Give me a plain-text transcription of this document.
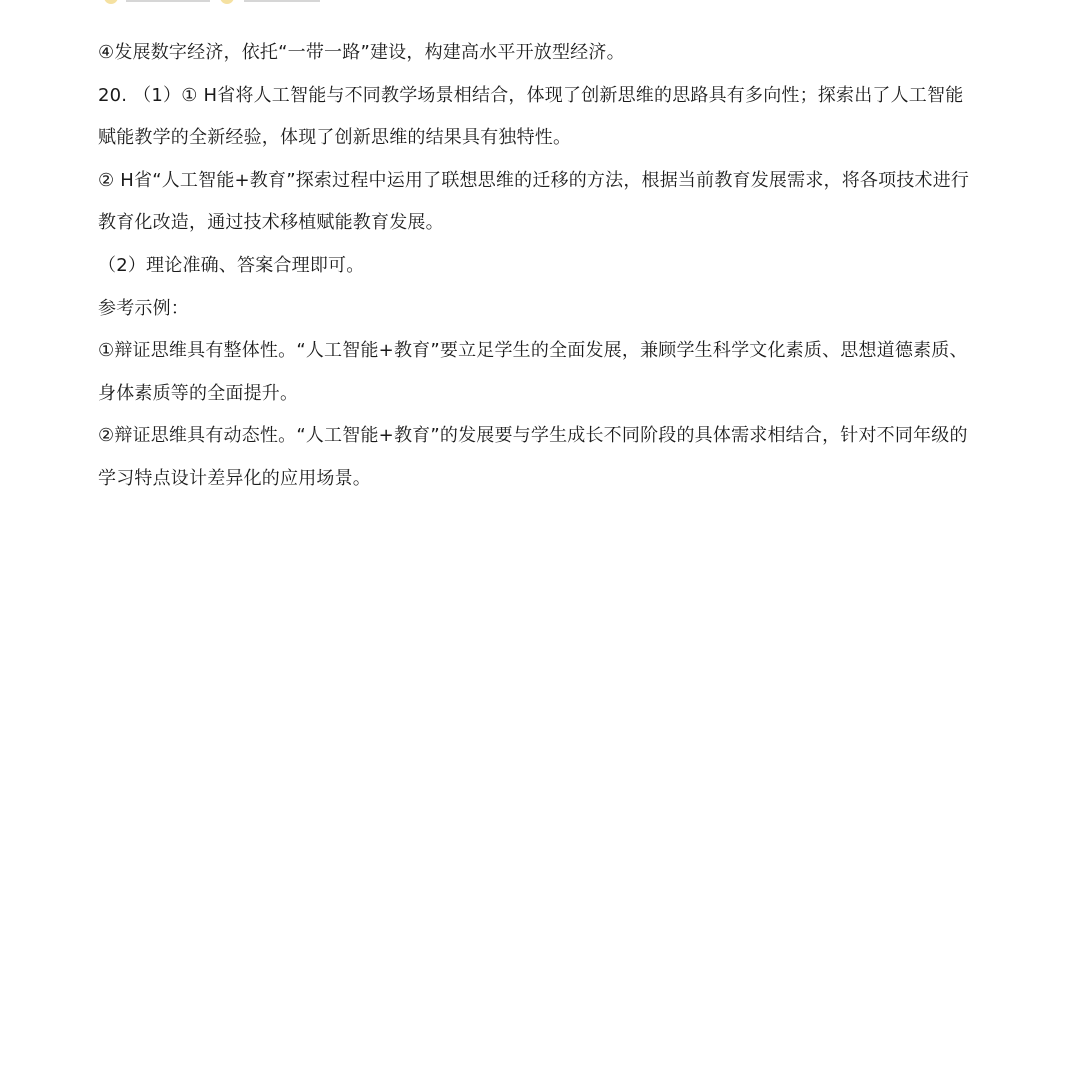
④发展数字经济，依托“一带一路”建设，构建高水平开放型经济。
20. （1）① H省将人工智能与不同教学场景相结合，体现了创新思维的思路具有多向性；探索出了人工智能
赋能教学的全新经验，体现了创新思维的结果具有独特性。
② H省“人工智能+教育”探索过程中运用了联想思维的迁移的方法，根据当前教育发展需求，将各项技术进行
教育化改造，通过技术移植赋能教育发展。
（2）理论准确、答案合理即可。
参考示例：
①辩证思维具有整体性。“人工智能+教育”要立足学生的全面发展，兼顾学生科学文化素质、思想道德素质、
身体素质等的全面提升。
②辩证思维具有动态性。“人工智能+教育”的发展要与学生成长不同阶段的具体需求相结合，针对不同年级的
学习特点设计差异化的应用场景。
